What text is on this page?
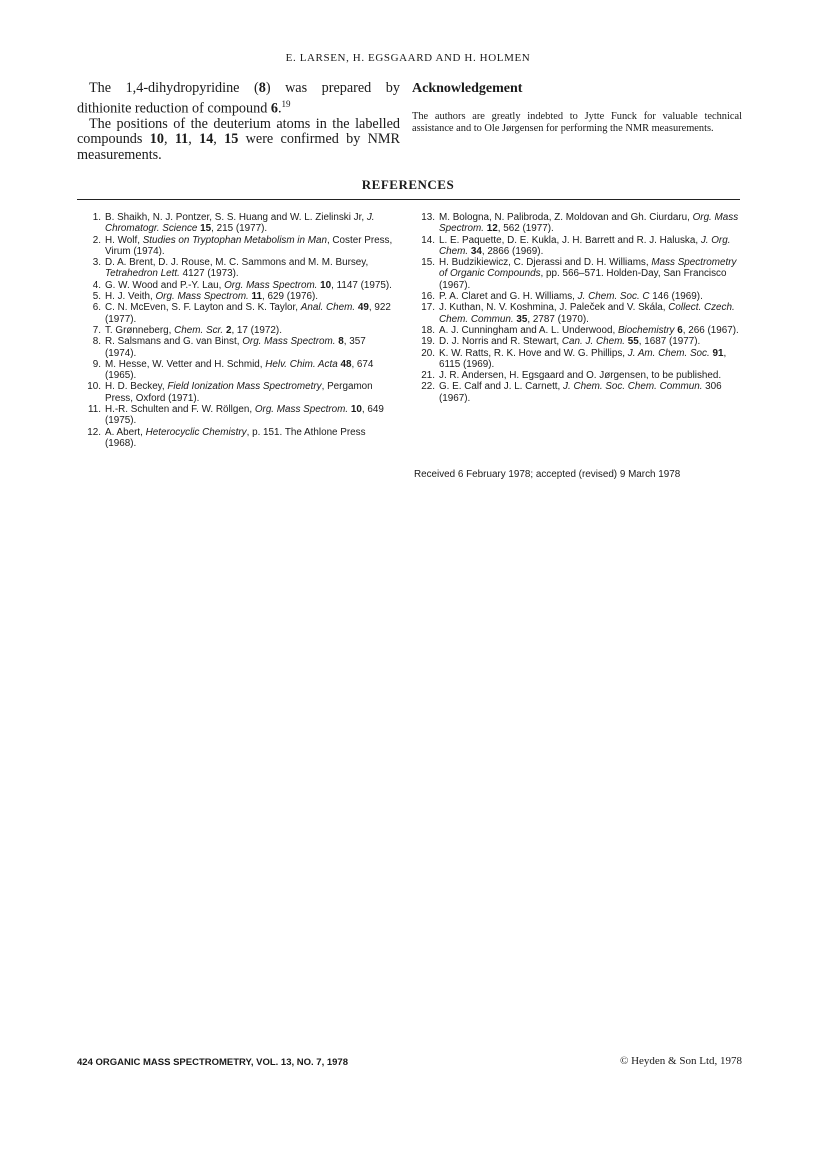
E. LARSEN, H. EGSGAARD AND H. HOLMEN

The 1,4-dihydropyridine (8) was prepared by dithionite reduction of compound 6.19

The positions of the deuterium atoms in the labelled compounds 10, 11, 14, 15 were confirmed by NMR measurements.

Acknowledgement

The authors are greatly indebted to Jytte Funck for valuable technical assistance and to Ole Jørgensen for performing the NMR measurements.

REFERENCES
1. B. Shaikh, N. J. Pontzer, S. S. Huang and W. L. Zielinski Jr, J. Chromatogr. Science 15, 215 (1977).
2. H. Wolf, Studies on Tryptophan Metabolism in Man, Coster Press, Virum (1974).
3. D. A. Brent, D. J. Rouse, M. C. Sammons and M. M. Bursey, Tetrahedron Lett. 4127 (1973).
4. G. W. Wood and P.-Y. Lau, Org. Mass Spectrom. 10, 1147 (1975).
5. H. J. Veith, Org. Mass Spectrom. 11, 629 (1976).
6. C. N. McEven, S. F. Layton and S. K. Taylor, Anal. Chem. 49, 922 (1977).
7. T. Grønneberg, Chem. Scr. 2, 17 (1972).
8. R. Salsmans and G. van Binst, Org. Mass Spectrom. 8, 357 (1974).
9. M. Hesse, W. Vetter and H. Schmid, Helv. Chim. Acta 48, 674 (1965).
10. H. D. Beckey, Field Ionization Mass Spectrometry, Pergamon Press, Oxford (1971).
11. H.-R. Schulten and F. W. Röllgen, Org. Mass Spectrom. 10, 649 (1975).
12. A. Abert, Heterocyclic Chemistry, p. 151. The Athlone Press (1968).
13. M. Bologna, N. Palibroda, Z. Moldovan and Gh. Ciurdaru, Org. Mass Spectrom. 12, 562 (1977).
14. L. E. Paquette, D. E. Kukla, J. H. Barrett and R. J. Haluska, J. Org. Chem. 34, 2866 (1969).
15. H. Budzikiewicz, C. Djerassi and D. H. Williams, Mass Spectrometry of Organic Compounds, pp. 566–571. Holden-Day, San Francisco (1967).
16. P. A. Claret and G. H. Williams, J. Chem. Soc. C 146 (1969).
17. J. Kuthan, N. V. Koshmina, J. Paleček and V. Skála, Collect. Czech. Chem. Commun. 35, 2787 (1970).
18. A. J. Cunningham and A. L. Underwood, Biochemistry 6, 266 (1967).
19. D. J. Norris and R. Stewart, Can. J. Chem. 55, 1687 (1977).
20. K. W. Ratts, R. K. Hove and W. G. Phillips, J. Am. Chem. Soc. 91, 6115 (1969).
21. J. R. Andersen, H. Egsgaard and O. Jørgensen, to be published.
22. G. E. Calf and J. L. Carnett, J. Chem. Soc. Chem. Commun. 306 (1967).
Received 6 February 1978; accepted (revised) 9 March 1978
424 ORGANIC MASS SPECTROMETRY, VOL. 13, NO. 7, 1978	© Heyden & Son Ltd, 1978
